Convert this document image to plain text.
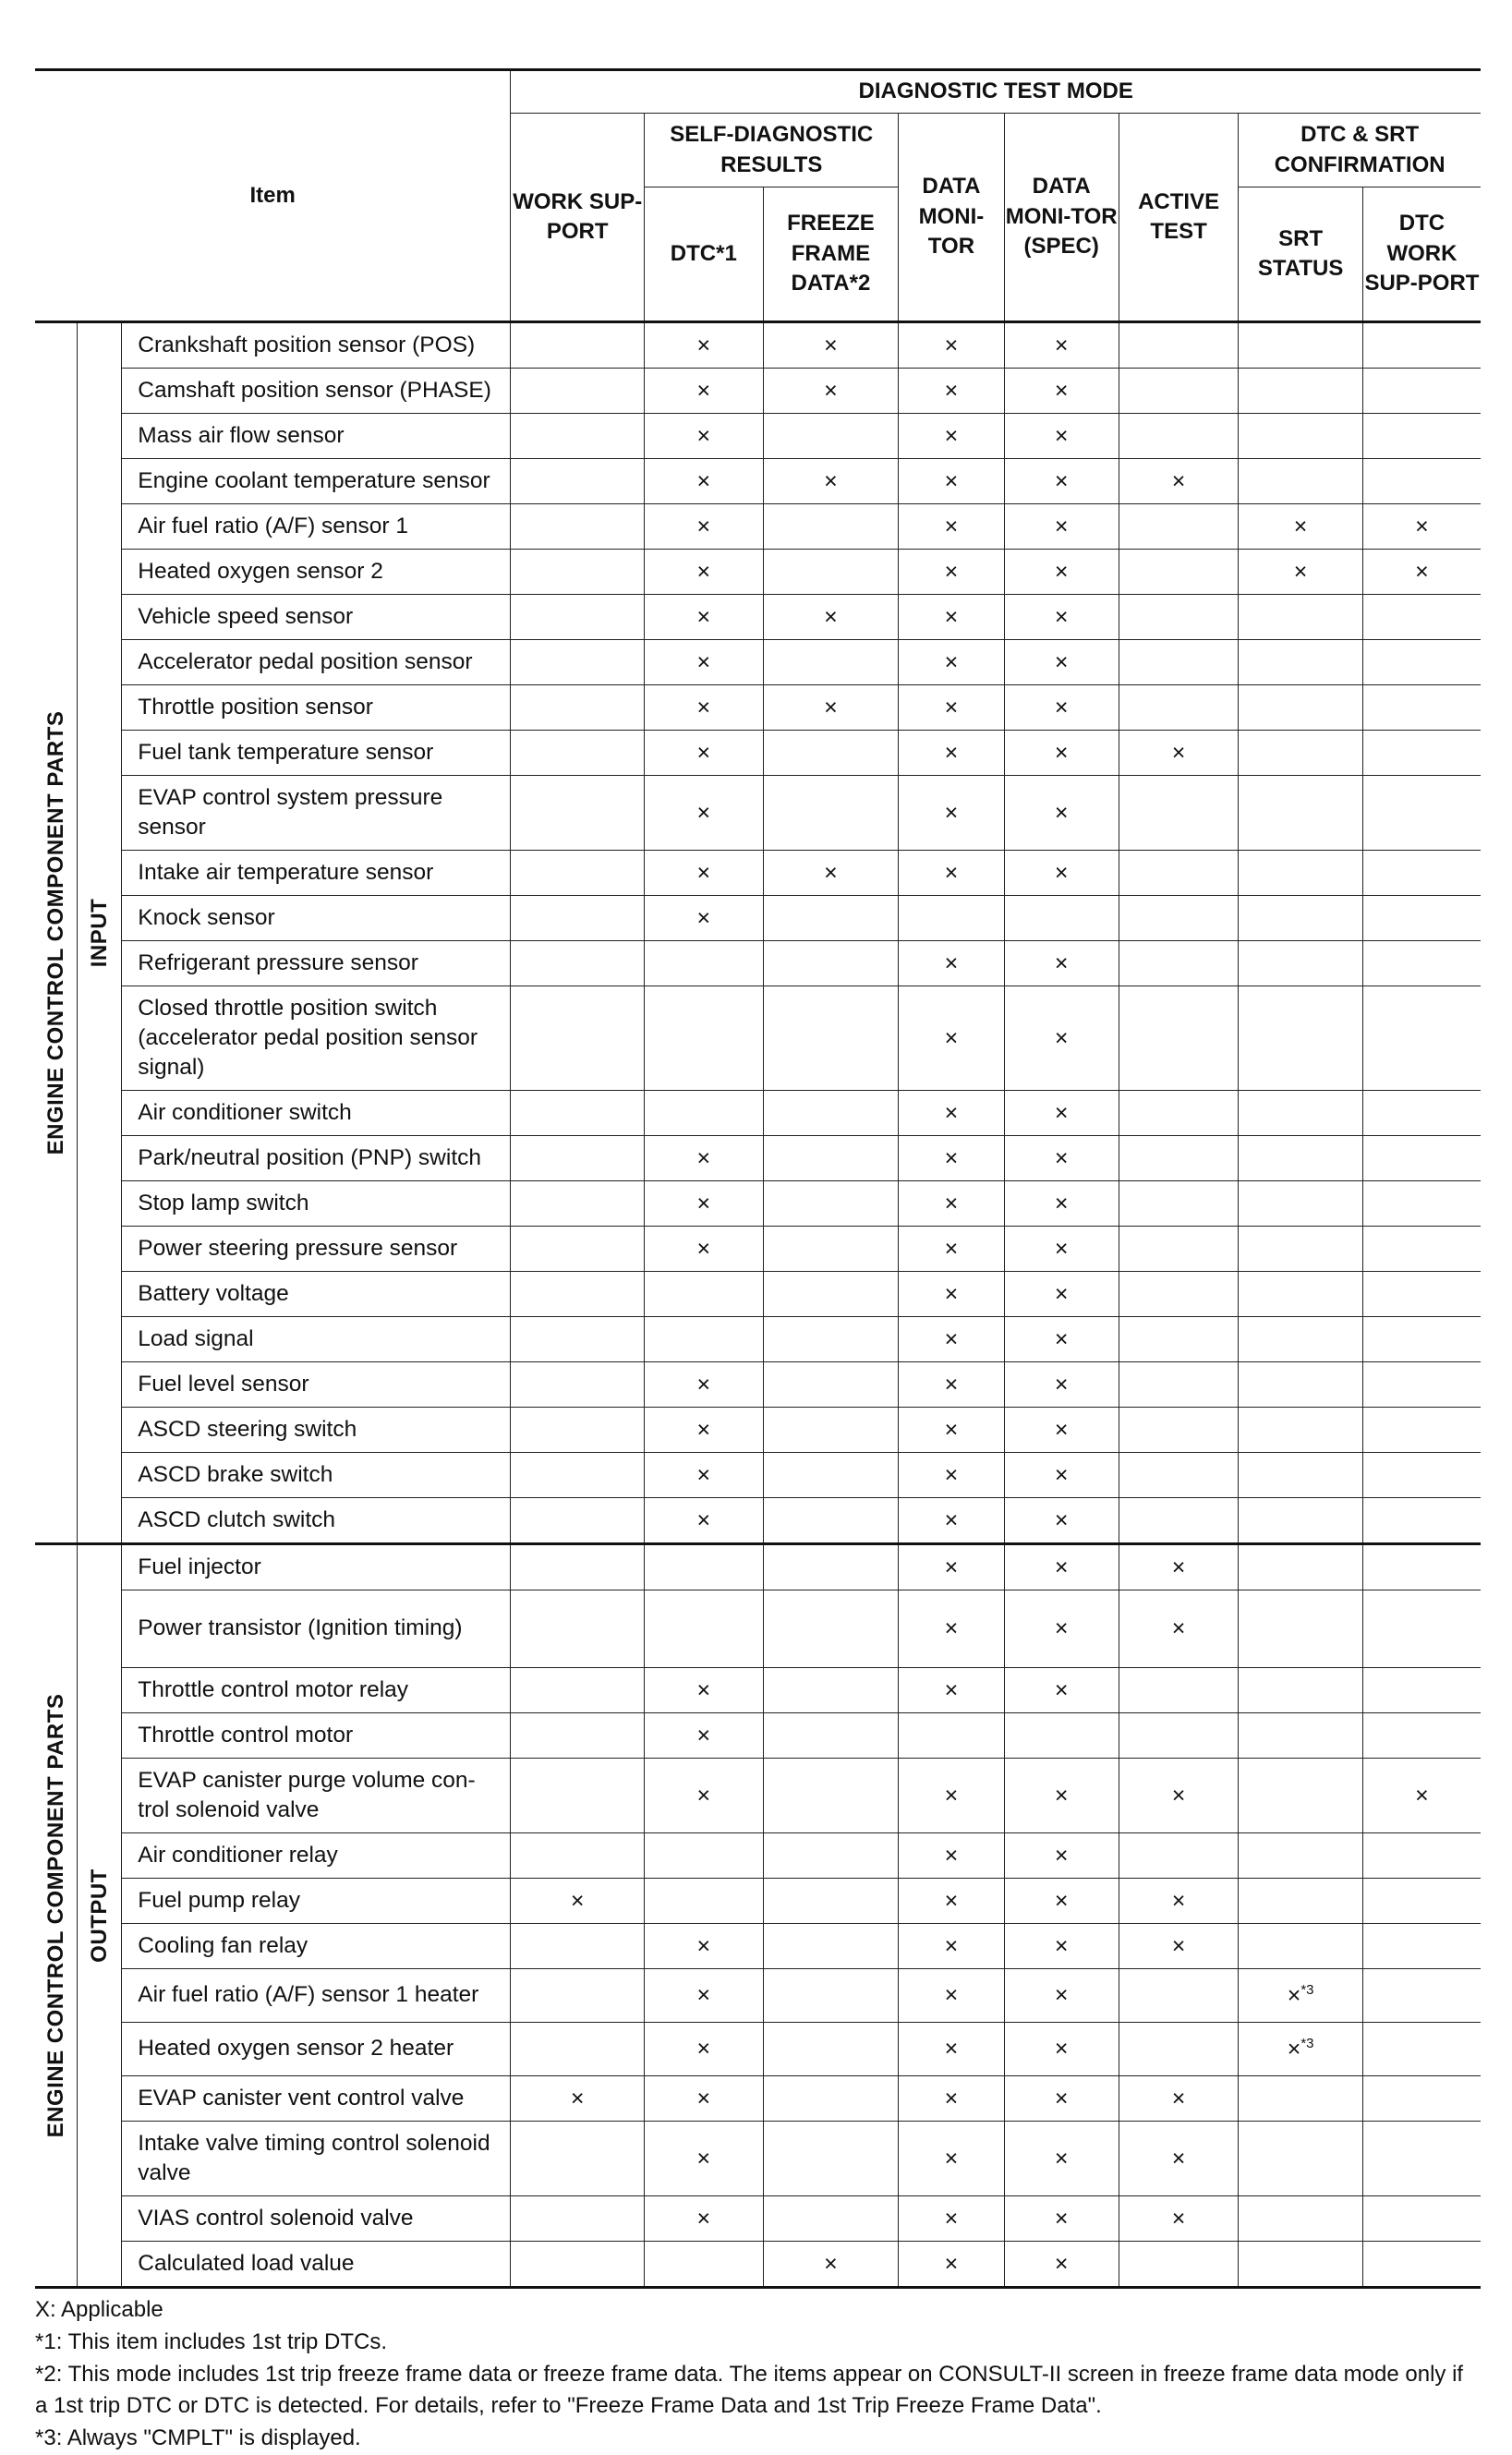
Item			DIAGNOSTIC TEST MODE							
			WORK SUP-PORT	SELF-DIAGNOSTIC RESULTS		DATA MONI-TOR	DATA MONI-TOR (SPEC)	ACTIVE TEST	DTC & SRT CONFIRMATION	
				DTC*1	FREEZE FRAME DATA*2				SRT STATUS	DTC WORK SUP-PORT

ENGINE CONTROL COMPONENT PARTS	INPUT	Crankshaft position sensor (POS)		×	×	×	×			
		Camshaft position sensor (PHASE)		×	×	×	×			
		Mass air flow sensor		×		×	×			
		Engine coolant temperature sensor		×	×	×	×	×		
		Air fuel ratio (A/F) sensor 1		×		×	×		×	×
		Heated oxygen sensor 2		×		×	×		×	×
		Vehicle speed sensor		×	×	×	×			
		Accelerator pedal position sensor		×		×	×			
		Throttle position sensor		×	×	×	×			
		Fuel tank temperature sensor		×		×	×	×		
		EVAP control system pressure sensor		×		×	×			
		Intake air temperature sensor		×	×	×	×			
		Knock sensor		×						
		Refrigerant pressure sensor				×	×			
		Closed throttle position switch (accelerator pedal position sensor signal)				×	×			
		Air conditioner switch				×	×			
		Park/neutral position (PNP) switch		×		×	×			
		Stop lamp switch		×		×	×			
		Power steering pressure sensor		×		×	×			
		Battery voltage				×	×			
		Load signal				×	×			
		Fuel level sensor		×		×	×			
		ASCD steering switch		×		×	×			
		ASCD brake switch		×		×	×			
		ASCD clutch switch		×		×	×			

ENGINE CONTROL COMPONENT PARTS	OUTPUT	Fuel injector				×	×	×		
		Power transistor (Ignition timing)				×	×	×		
		Throttle control motor relay		×		×	×			
		Throttle control motor		×						
		EVAP canister purge volume con-trol solenoid valve		×		×	×	×		×
		Air conditioner relay				×	×			
		Fuel pump relay	×			×	×	×		
		Cooling fan relay		×		×	×	×		
		Air fuel ratio (A/F) sensor 1 heater		×		×	×		×$^{*3}$	
		Heated oxygen sensor 2 heater		×		×	×		×$^{*3}$	
		EVAP canister vent control valve	×	×		×	×	×		
		Intake valve timing control solenoid valve		×		×	×	×		
		VIAS control solenoid valve		×		×	×	×		
		Calculated load value			×	×	×			
X: Applicable
*1: This item includes 1st trip DTCs.
*2: This mode includes 1st trip freeze frame data or freeze frame data. The items appear on CONSULT-II screen in freeze frame data mode only if a 1st trip DTC or DTC is detected. For details, refer to "Freeze Frame Data and 1st Trip Freeze Frame Data".
*3: Always "CMPLT" is displayed.
